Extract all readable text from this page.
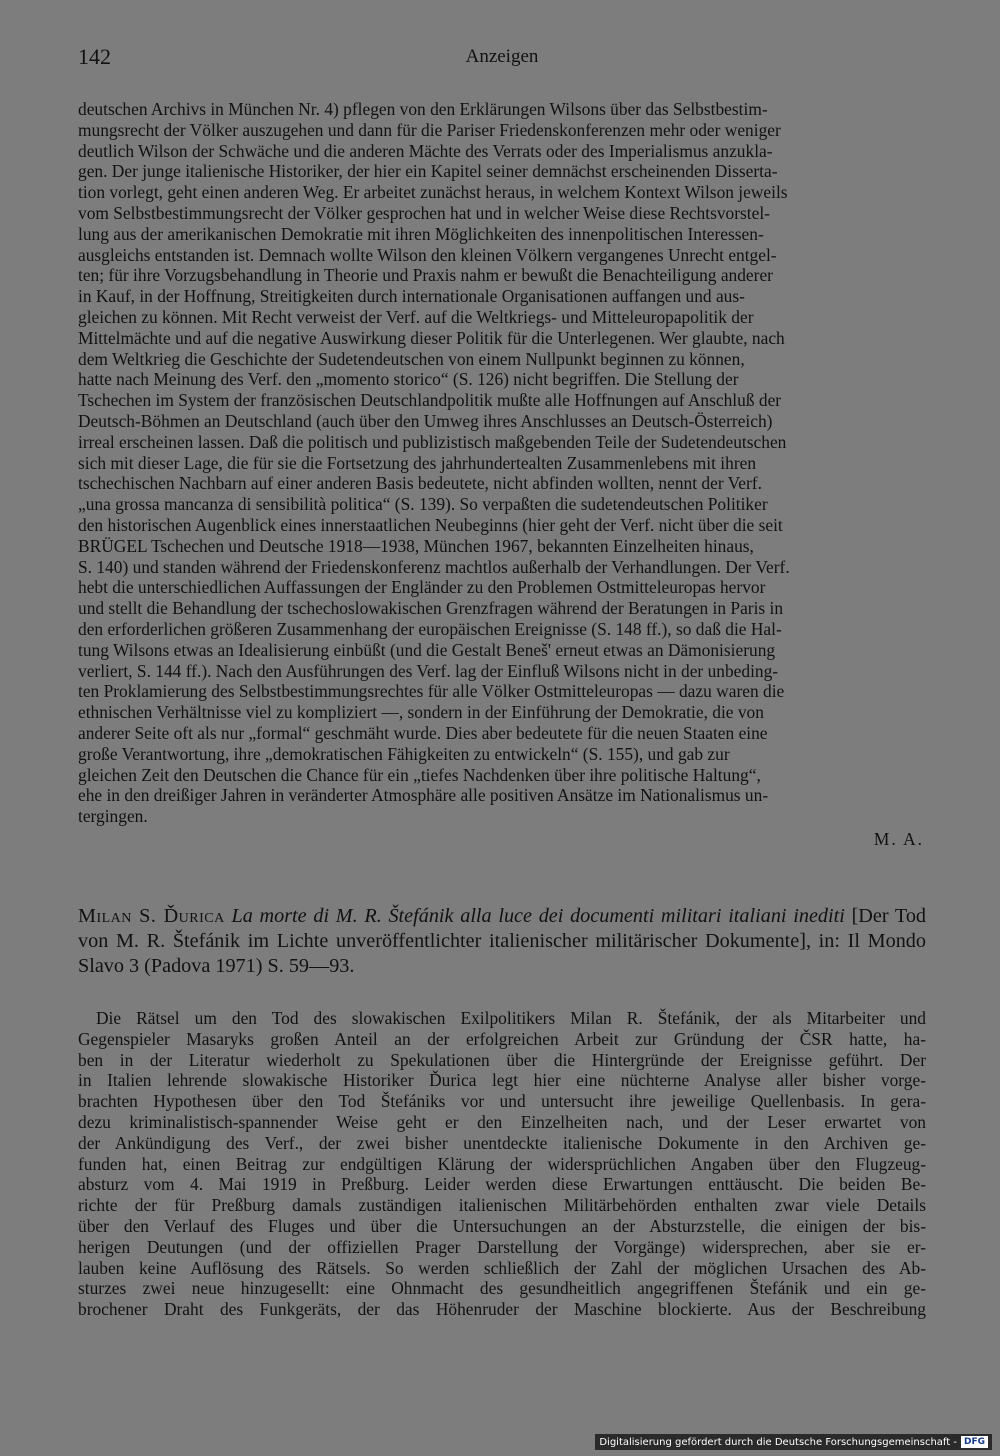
142	Anzeigen

deutschen Archivs in München Nr. 4) pflegen von den Erklärungen Wilsons über das Selbstbestim-
mungsrecht der Völker auszugehen und dann für die Pariser Friedenskonferenzen mehr oder weniger
deutlich Wilson der Schwäche und die anderen Mächte des Verrats oder des Imperialismus anzukla-
gen. Der junge italienische Historiker, der hier ein Kapitel seiner demnächst erscheinenden Disserta-
tion vorlegt, geht einen anderen Weg. Er arbeitet zunächst heraus, in welchem Kontext Wilson jeweils
vom Selbstbestimmungsrecht der Völker gesprochen hat und in welcher Weise diese Rechtsvorstel-
lung aus der amerikanischen Demokratie mit ihren Möglichkeiten des innenpolitischen Interessen-
ausgleichs entstanden ist. Demnach wollte Wilson den kleinen Völkern vergangenes Unrecht entgel-
ten; für ihre Vorzugsbehandlung in Theorie und Praxis nahm er bewußt die Benachteiligung anderer
in Kauf, in der Hoffnung, Streitigkeiten durch internationale Organisationen auffangen und aus-
gleichen zu können. Mit Recht verweist der Verf. auf die Weltkriegs- und Mitteleuropapolitik der
Mittelmächte und auf die negative Auswirkung dieser Politik für die Unterlegenen. Wer glaubte, nach
dem Weltkrieg die Geschichte der Sudetendeutschen von einem Nullpunkt beginnen zu können,
hatte nach Meinung des Verf. den „momento storico“ (S. 126) nicht begriffen. Die Stellung der
Tschechen im System der französischen Deutschlandpolitik mußte alle Hoffnungen auf Anschluß der
Deutsch-Böhmen an Deutschland (auch über den Umweg ihres Anschlusses an Deutsch-Österreich)
irreal erscheinen lassen. Daß die politisch und publizistisch maßgebenden Teile der Sudetendeutschen
sich mit dieser Lage, die für sie die Fortsetzung des jahrhundertealten Zusammenlebens mit ihren
tschechischen Nachbarn auf einer anderen Basis bedeutete, nicht abfinden wollten, nennt der Verf.
„una grossa mancanza di sensibilità politica“ (S. 139). So verpaßten die sudetendeutschen Politiker
den historischen Augenblick eines innerstaatlichen Neubeginns (hier geht der Verf. nicht über die seit
BRÜGEL Tschechen und Deutsche 1918—1938, München 1967, bekannten Einzelheiten hinaus,
S. 140) und standen während der Friedenskonferenz machtlos außerhalb der Verhandlungen. Der Verf.
hebt die unterschiedlichen Auffassungen der Engländer zu den Problemen Ostmitteleuropas hervor
und stellt die Behandlung der tschechoslowakischen Grenzfragen während der Beratungen in Paris in
den erforderlichen größeren Zusammenhang der europäischen Ereignisse (S. 148 ff.), so daß die Hal-
tung Wilsons etwas an Idealisierung einbüßt (und die Gestalt Beneš' erneut etwas an Dämonisierung
verliert, S. 144 ff.). Nach den Ausführungen des Verf. lag der Einfluß Wilsons nicht in der unbeding-
ten Proklamierung des Selbstbestimmungsrechtes für alle Völker Ostmitteleuropas — dazu waren die
ethnischen Verhältnisse viel zu kompliziert —, sondern in der Einführung der Demokratie, die von
anderer Seite oft als nur „formal“ geschmäht wurde. Dies aber bedeutete für die neuen Staaten eine
große Verantwortung, ihre „demokratischen Fähigkeiten zu entwickeln“ (S. 155), und gab zur
gleichen Zeit den Deutschen die Chance für ein „tiefes Nachdenken über ihre politische Haltung“,
ehe in den dreißiger Jahren in veränderter Atmosphäre alle positiven Ansätze im Nationalismus un-
tergingen.

M. A.
Milan S. Ďurica La morte di M. R. Štefánik alla luce dei documenti militari italiani inediti [Der Tod von M. R. Štefánik im Lichte unveröffentlichter italienischer militärischer Dokumente], in: Il Mondo Slavo 3 (Padova 1971) S. 59—93.

Die Rätsel um den Tod des slowakischen Exilpolitikers Milan R. Štefánik, der als Mitarbeiter und
Gegenspieler Masaryks großen Anteil an der erfolgreichen Arbeit zur Gründung der ČSR hatte, ha-
ben in der Literatur wiederholt zu Spekulationen über die Hintergründe der Ereignisse geführt. Der
in Italien lehrende slowakische Historiker Ďurica legt hier eine nüchterne Analyse aller bisher vorge-
brachten Hypothesen über den Tod Štefániks vor und untersucht ihre jeweilige Quellenbasis. In gera-
dezu kriminalistisch-spannender Weise geht er den Einzelheiten nach, und der Leser erwartet von
der Ankündigung des Verf., der zwei bisher unentdeckte italienische Dokumente in den Archiven ge-
funden hat, einen Beitrag zur endgültigen Klärung der widersprüchlichen Angaben über den Flugzeug-
absturz vom 4. Mai 1919 in Preßburg. Leider werden diese Erwartungen enttäuscht. Die beiden Be-
richte der für Preßburg damals zuständigen italienischen Militärbehörden enthalten zwar viele Details
über den Verlauf des Fluges und über die Untersuchungen an der Absturzstelle, die einigen der bis-
herigen Deutungen (und der offiziellen Prager Darstellung der Vorgänge) widersprechen, aber sie er-
lauben keine Auflösung des Rätsels. So werden schließlich der Zahl der möglichen Ursachen des Ab-
sturzes zwei neue hinzugesellt: eine Ohnmacht des gesundheitlich angegriffenen Štefánik und ein ge-
brochener Draht des Funkgeräts, der das Höhenruder der Maschine blockierte. Aus der Beschreibung

Digitalisierung gefördert durch die Deutsche Forschungsgemeinschaft - DFG
